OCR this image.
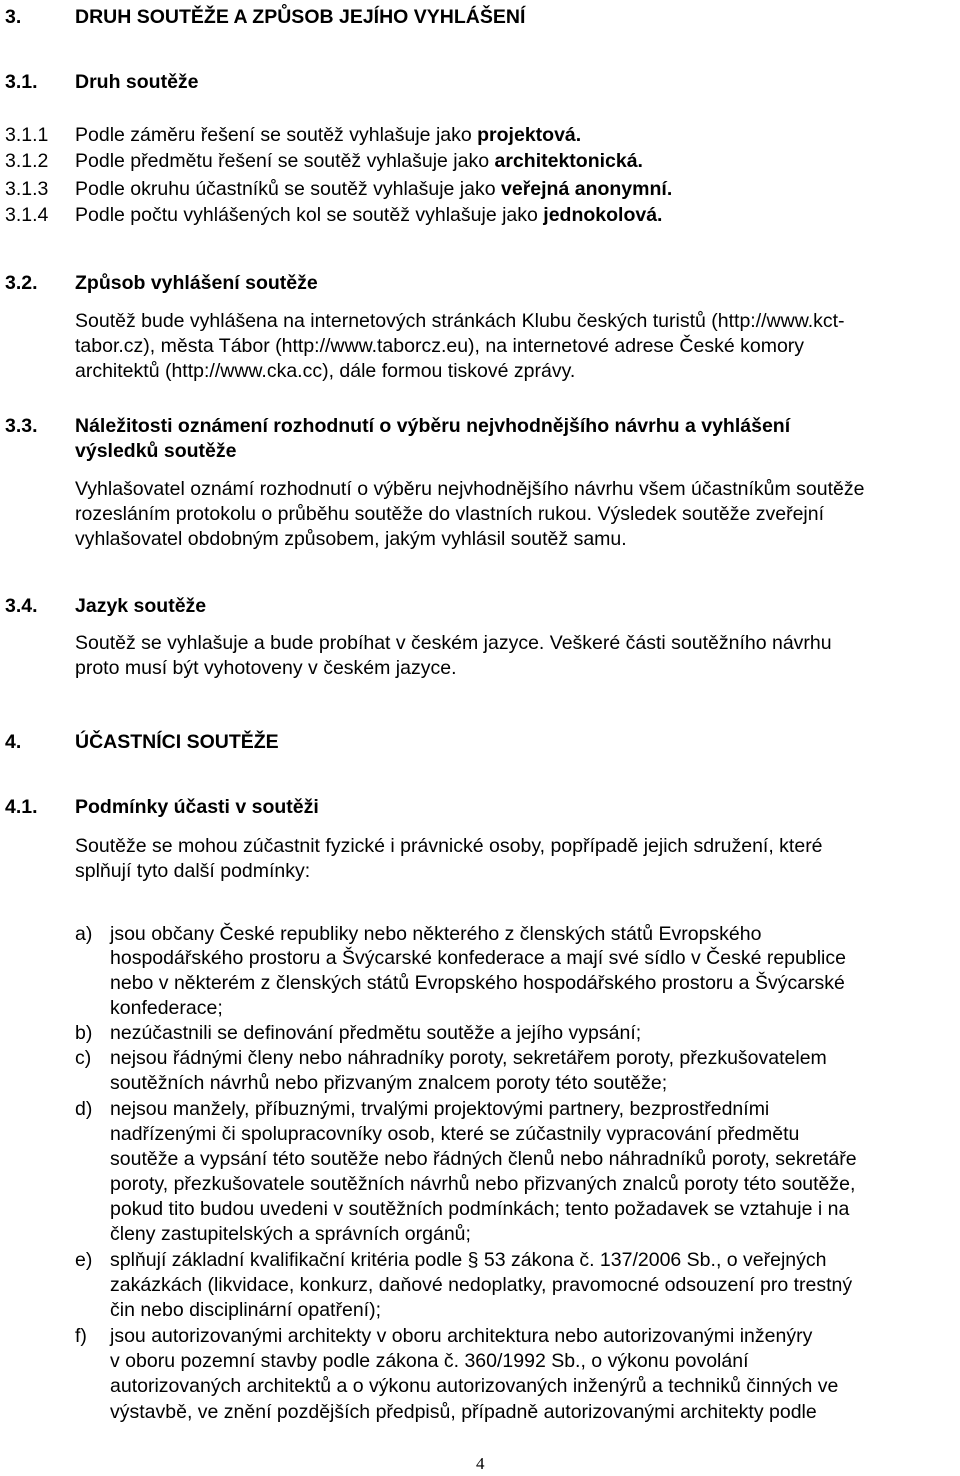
3.	DRUH SOUTĚŽE A ZPŮSOB JEJÍHO VYHLÁŠENÍ
3.1. Druh soutěže
3.1.1 Podle záměru řešení se soutěž vyhlašuje jako projektová.
3.1.2 Podle předmětu řešení se soutěž vyhlašuje jako architektonická.
3.1.3 Podle okruhu účastníků se soutěž vyhlašuje jako veřejná anonymní.
3.1.4 Podle počtu vyhlášených kol se soutěž vyhlašuje jako jednokolová.
3.2. Způsob vyhlášení soutěže
Soutěž bude vyhlášena na internetových stránkách Klubu českých turistů (http://www.kct-
tabor.cz), města Tábor (http://www.taborcz.eu), na internetové adrese České komory
architektů (http://www.cka.cc), dále formou tiskové zprávy.
3.3. Náležitosti oznámení rozhodnutí o výběru nejvhodnějšího návrhu a vyhlášení
výsledků soutěže
Vyhlašovatel oznámí rozhodnutí o výběru nejvhodnějšího návrhu všem účastníkům soutěže
rozesláním protokolu o průběhu soutěže do vlastních rukou. Výsledek soutěže zveřejní
vyhlašovatel obdobným způsobem, jakým vyhlásil soutěž samu.
3.4. Jazyk soutěže
Soutěž se vyhlašuje a bude probíhat v českém jazyce. Veškeré části soutěžního návrhu
proto musí být vyhotoveny v českém jazyce.
4.	ÚČASTNÍCI SOUTĚŽE
4.1. Podmínky účasti v soutěži
Soutěže se mohou zúčastnit fyzické i právnické osoby, popřípadě jejich sdružení, které
splňují tyto další podmínky:
a) jsou občany České republiky nebo některého z členských států Evropského
hospodářského prostoru a Švýcarské konfederace a mají své sídlo v České republice
nebo v některém z členských států Evropského hospodářského prostoru a Švýcarské
konfederace;
b) nezúčastnili se definování předmětu soutěže a jejího vypsání;
c) nejsou řádnými členy nebo náhradníky poroty, sekretářem poroty, přezkušovatelem
soutěžních návrhů nebo přizvaným znalcem poroty této soutěže;
d) nejsou manžely, příbuznými, trvalými projektovými partnery, bezprostředními
nadřízenými či spolupracovníky osob, které se zúčastnily vypracování předmětu
soutěže a vypsání této soutěže nebo řádných členů nebo náhradníků poroty, sekretáře
poroty, přezkušovatele soutěžních návrhů nebo přizvaných znalců poroty této soutěže,
pokud tito budou uvedeni v soutěžních podmínkách; tento požadavek se vztahuje i na
členy zastupitelských a správních orgánů;
e) splňují základní kvalifikační kritéria podle § 53 zákona č. 137/2006 Sb., o veřejných
zakázkách (likvidace, konkurz, daňové nedoplatky, pravomocné odsouzení pro trestný
čin nebo disciplinární opatření);
f) jsou autorizovanými architekty v oboru architektura nebo autorizovanými inženýry
v oboru pozemní stavby podle zákona č. 360/1992 Sb., o výkonu povolání
autorizovaných architektů a o výkonu autorizovaných inženýrů a techniků činných ve
výstavbě, ve znění pozdějších předpisů, případně autorizovanými architekty podle
4
